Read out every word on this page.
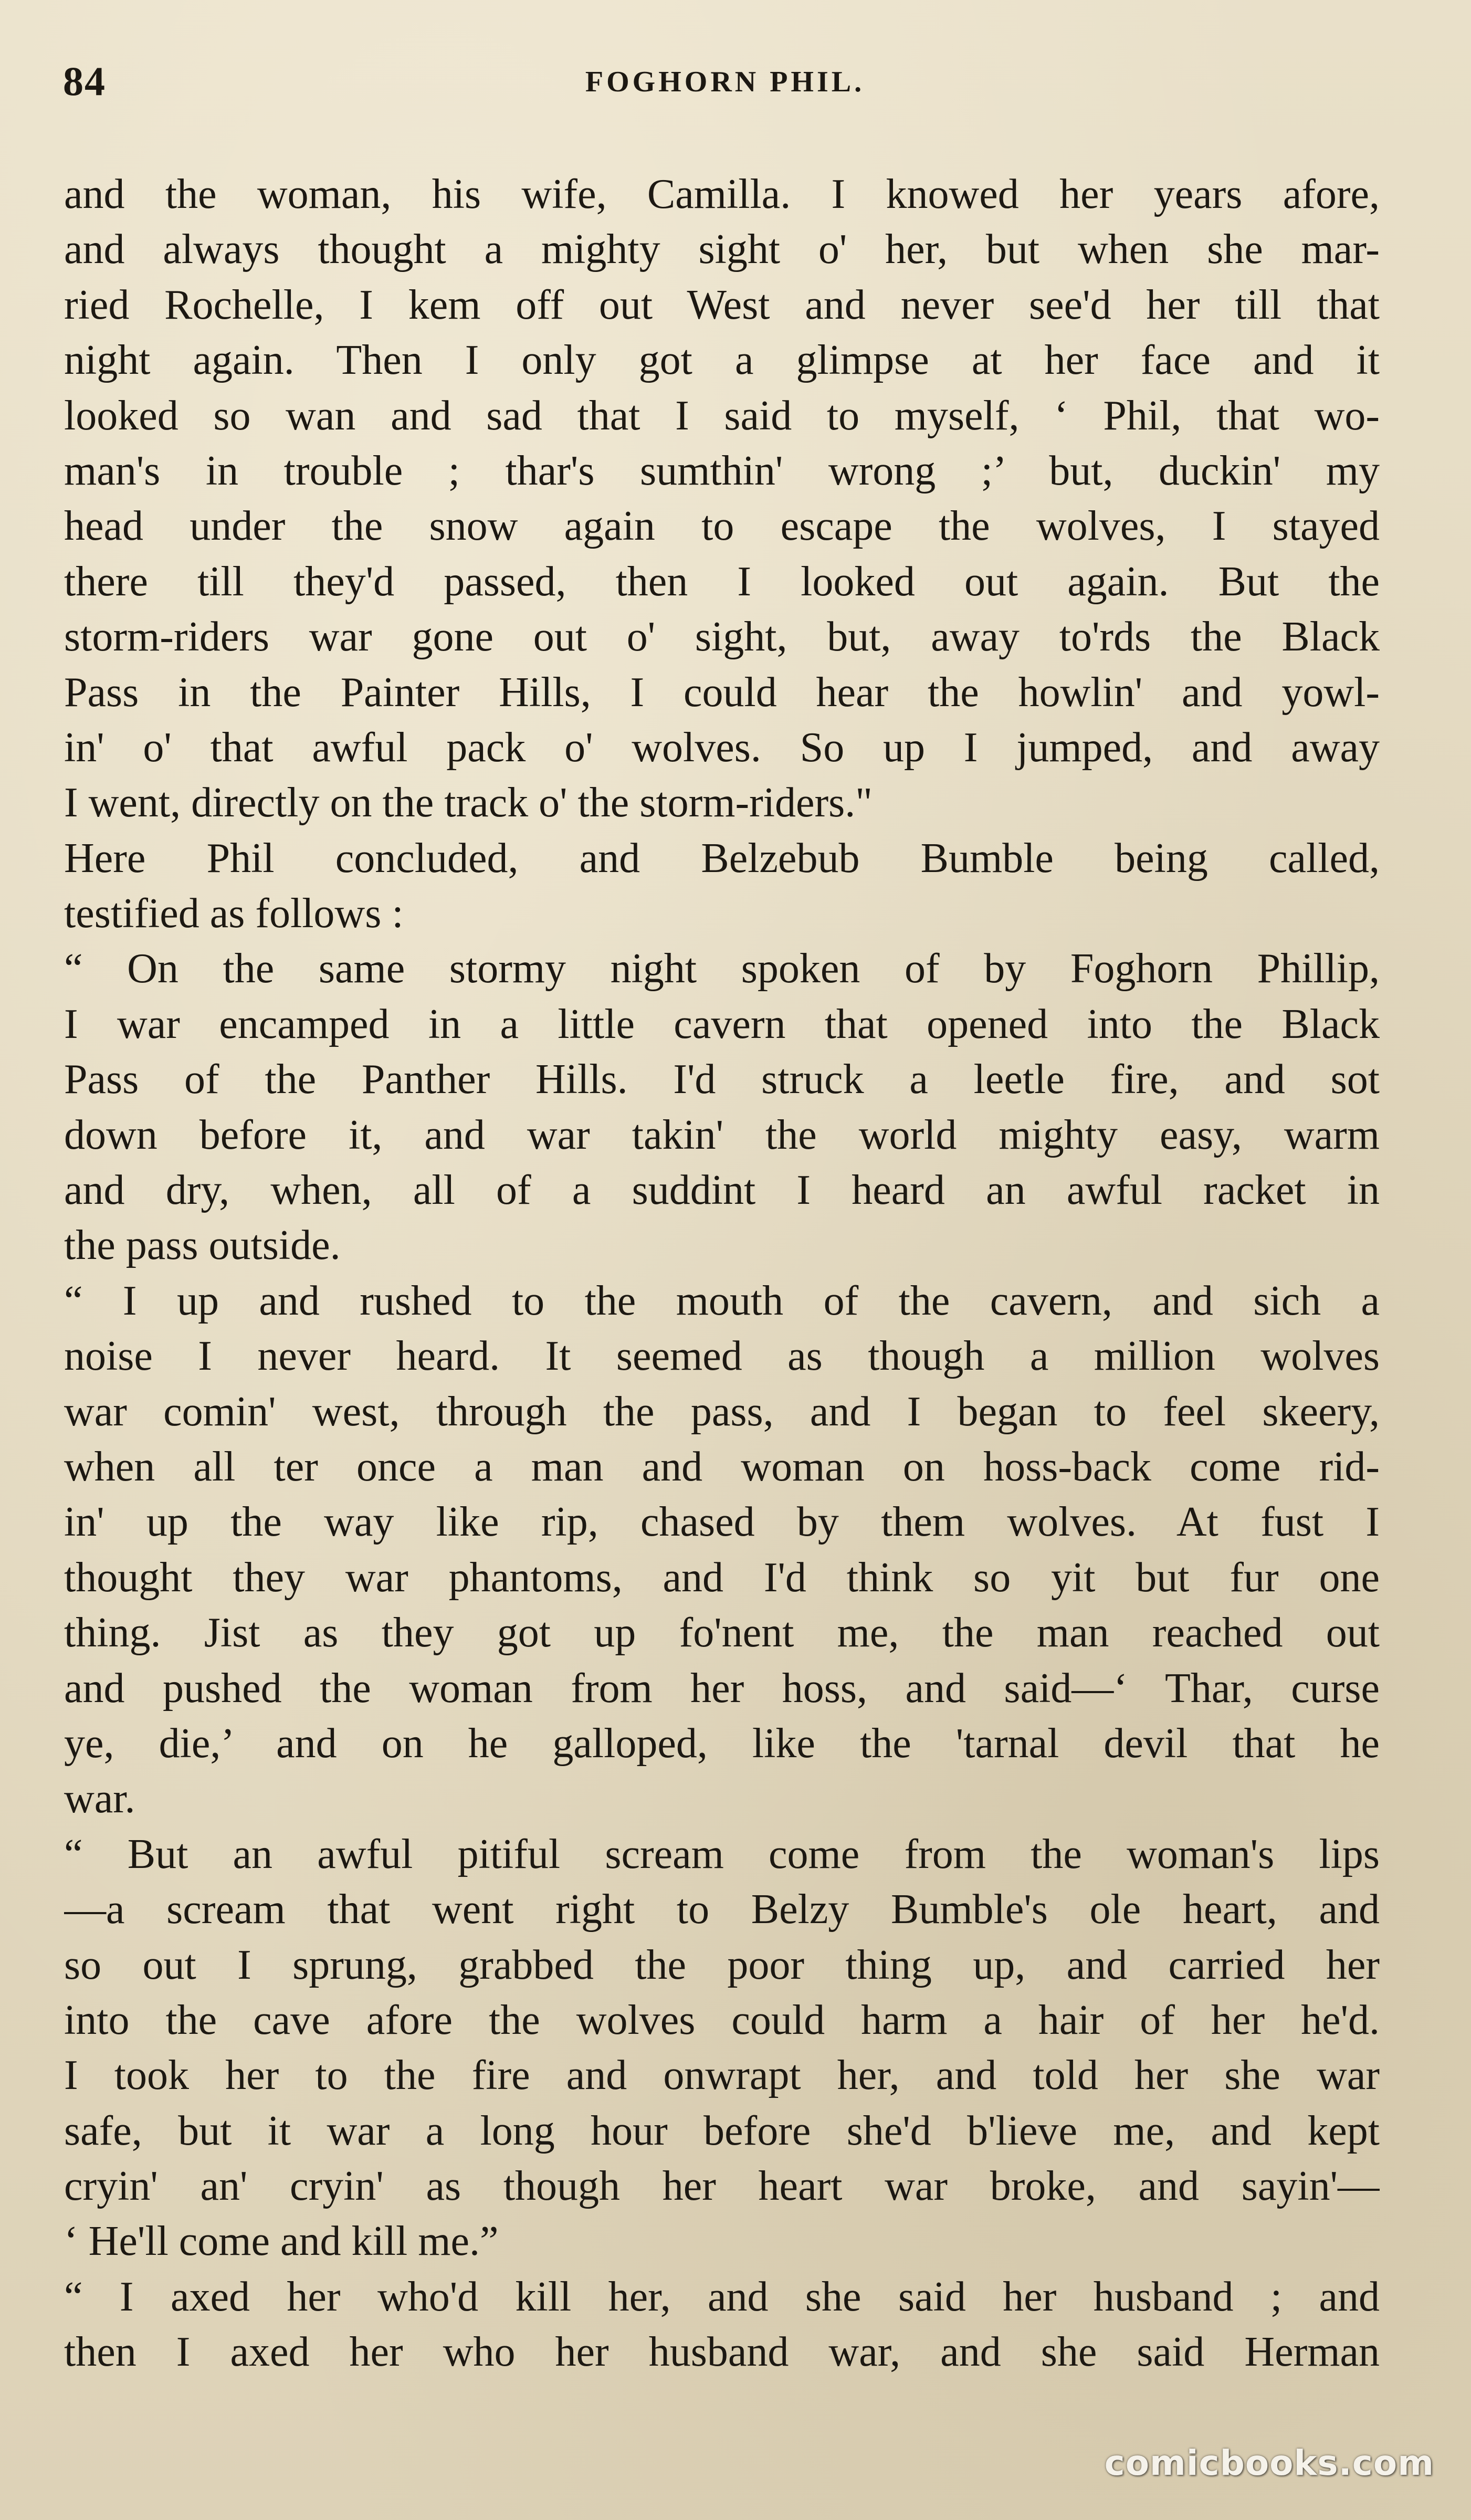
84	FOGHORN PHIL.
and the woman, his wife, Camilla. I knowed her years afore,
and always thought a mighty sight o' her, but when she mar-
ried Rochelle, I kem off out West and never see'd her till that
night again. Then I only got a glimpse at her face and it
looked so wan and sad that I said to myself, ‘ Phil, that wo-
man's in trouble ; thar's sumthin' wrong ;’ but, duckin' my
head under the snow again to escape the wolves, I stayed
there till they'd passed, then I looked out again. But the
storm-riders war gone out o' sight, but, away to'rds the Black
Pass in the Painter Hills, I could hear the howlin' and yowl-
in' o' that awful pack o' wolves. So up I jumped, and away
I went, directly on the track o' the storm-riders."
Here Phil concluded, and Belzebub Bumble being called,
testified as follows :
“ On the same stormy night spoken of by Foghorn Phillip,
I war encamped in a little cavern that opened into the Black
Pass of the Panther Hills. I'd struck a leetle fire, and sot
down before it, and war takin' the world mighty easy, warm
and dry, when, all of a suddint I heard an awful racket in
the pass outside.
“ I up and rushed to the mouth of the cavern, and sich a
noise I never heard. It seemed as though a million wolves
war comin' west, through the pass, and I began to feel skeery,
when all ter once a man and woman on hoss-back come rid-
in' up the way like rip, chased by them wolves. At fust I
thought they war phantoms, and I'd think so yit but fur one
thing. Jist as they got up fo'nent me, the man reached out
and pushed the woman from her hoss, and said—‘ Thar, curse
ye, die,’ and on he galloped, like the 'tarnal devil that he
war.
“ But an awful pitiful scream come from the woman's lips
—a scream that went right to Belzy Bumble's ole heart, and
so out I sprung, grabbed the poor thing up, and carried her
into the cave afore the wolves could harm a hair of her he'd.
I took her to the fire and onwrapt her, and told her she war
safe, but it war a long hour before she'd b'lieve me, and kept
cryin' an' cryin' as though her heart war broke, and sayin'—
‘ He'll come and kill me.”
“ I axed her who'd kill her, and she said her husband ; and
then I axed her who her husband war, and she said Herman
comicbooks.com
